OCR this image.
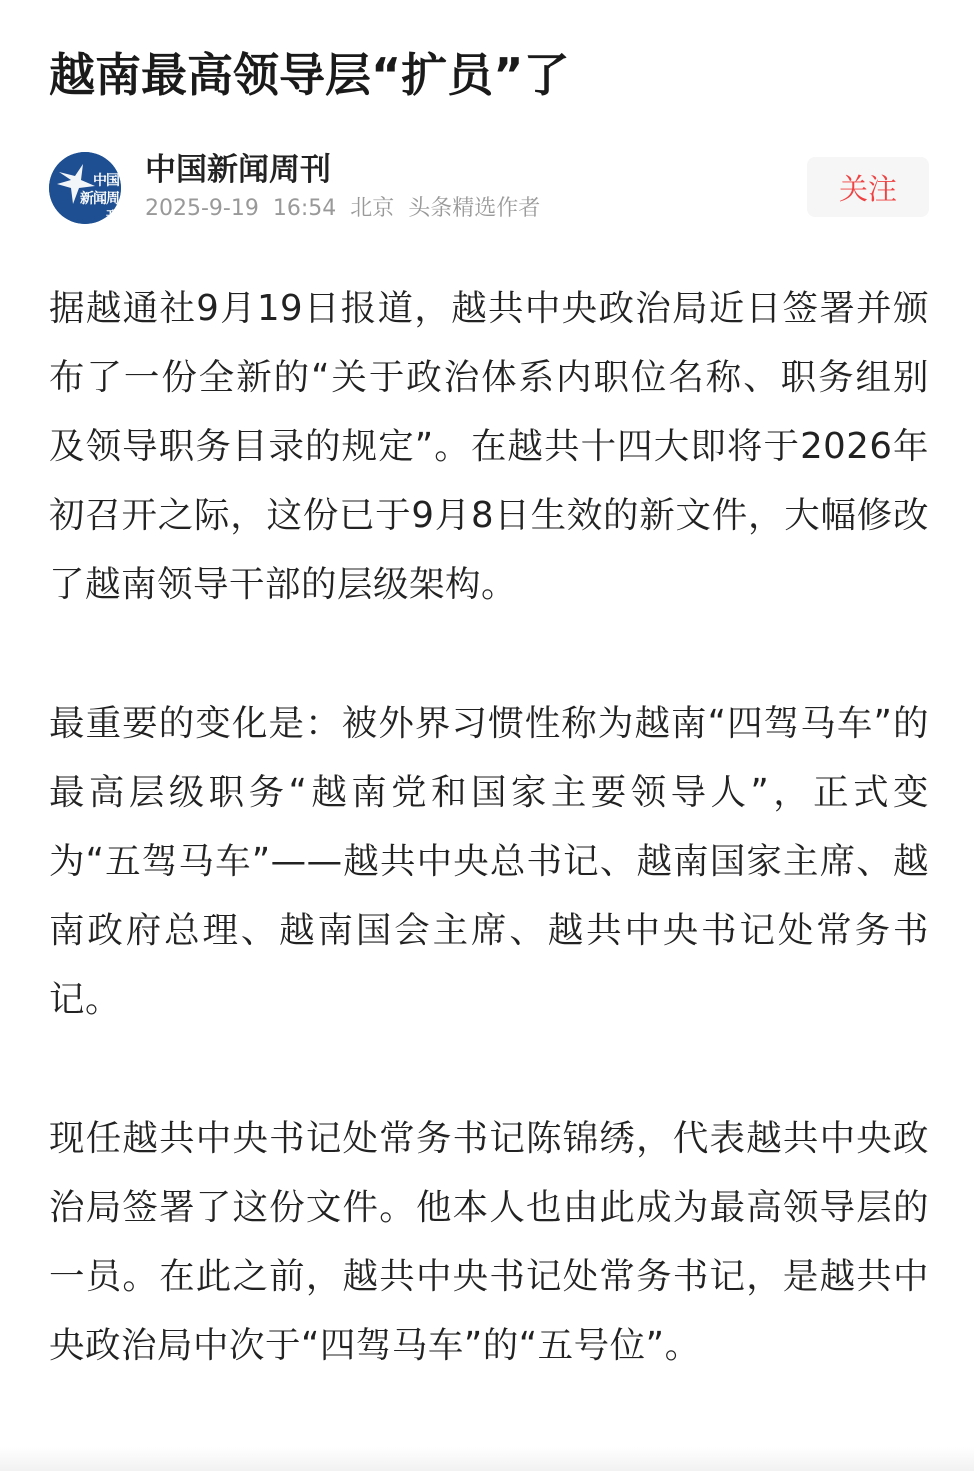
越南最高领导层“扩员”了
中国
新闻周刊
中国新闻周刊
2025-9-19 16:54 北京 头条精选作者
关注

据越通社9月19日报道，越共中央政治局近日签署并颁布了一份全新的“关于政治体系内职位名称、职务组别及领导职务目录的规定”。在越共十四大即将于2026年初召开之际，这份已于9月8日生效的新文件，大幅修改了越南领导干部的层级架构。

最重要的变化是：被外界习惯性称为越南“四驾马车”的最高层级职务“越南党和国家主要领导人”，正式变为“五驾马车”——越共中央总书记、越南国家主席、越南政府总理、越南国会主席、越共中央书记处常务书记。

现任越共中央书记处常务书记陈锦绣，代表越共中央政治局签署了这份文件。他本人也由此成为最高领导层的一员。在此之前，越共中央书记处常务书记，是越共中央政治局中次于“四驾马车”的“五号位”。
